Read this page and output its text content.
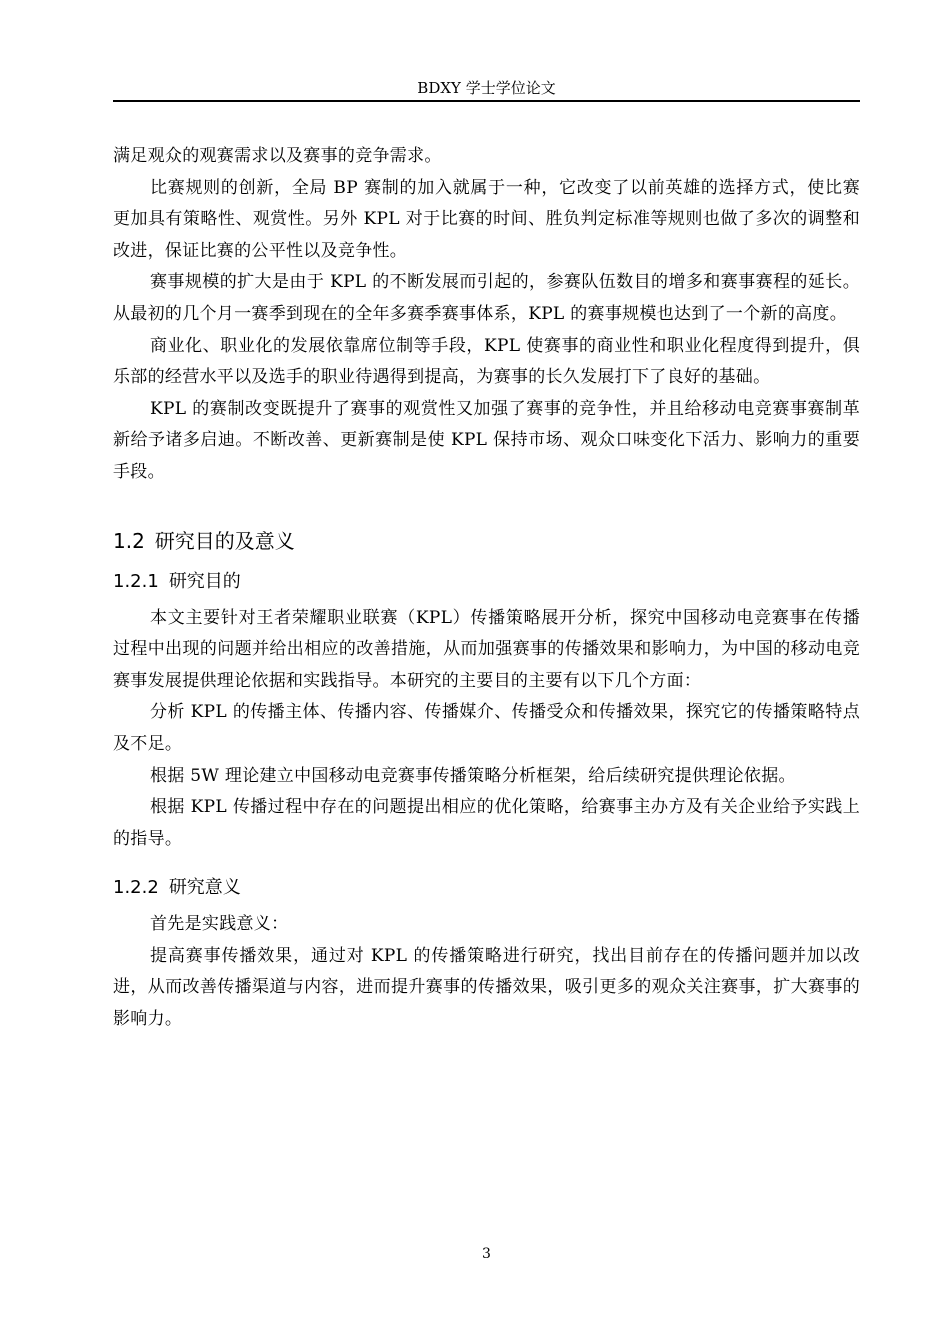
BDXY 学士学位论文

满足观众的观赛需求以及赛事的竞争需求。

比赛规则的创新，全局 BP 赛制的加入就属于一种，它改变了以前英雄的选择方式，使比赛更加具有策略性、观赏性。另外 KPL 对于比赛的时间、胜负判定标准等规则也做了多次的调整和改进，保证比赛的公平性以及竞争性。

赛事规模的扩大是由于 KPL 的不断发展而引起的，参赛队伍数目的增多和赛事赛程的延长。从最初的几个月一赛季到现在的全年多赛季赛事体系，KPL 的赛事规模也达到了一个新的高度。

商业化、职业化的发展依靠席位制等手段，KPL 使赛事的商业性和职业化程度得到提升，俱乐部的经营水平以及选手的职业待遇得到提高，为赛事的长久发展打下了良好的基础。

KPL 的赛制改变既提升了赛事的观赏性又加强了赛事的竞争性，并且给移动电竞赛事赛制革新给予诸多启迪。不断改善、更新赛制是使 KPL 保持市场、观众口味变化下活力、影响力的重要手段。

1.2 研究目的及意义
1.2.1 研究目的

本文主要针对王者荣耀职业联赛（KPL）传播策略展开分析，探究中国移动电竞赛事在传播过程中出现的问题并给出相应的改善措施，从而加强赛事的传播效果和影响力，为中国的移动电竞赛事发展提供理论依据和实践指导。本研究的主要目的主要有以下几个方面：

分析 KPL 的传播主体、传播内容、传播媒介、传播受众和传播效果，探究它的传播策略特点及不足。

根据 5W 理论建立中国移动电竞赛事传播策略分析框架，给后续研究提供理论依据。

根据 KPL 传播过程中存在的问题提出相应的优化策略，给赛事主办方及有关企业给予实践上的指导。

1.2.2 研究意义

首先是实践意义：

提高赛事传播效果，通过对 KPL 的传播策略进行研究，找出目前存在的传播问题并加以改进，从而改善传播渠道与内容，进而提升赛事的传播效果，吸引更多的观众关注赛事，扩大赛事的影响力。

3
